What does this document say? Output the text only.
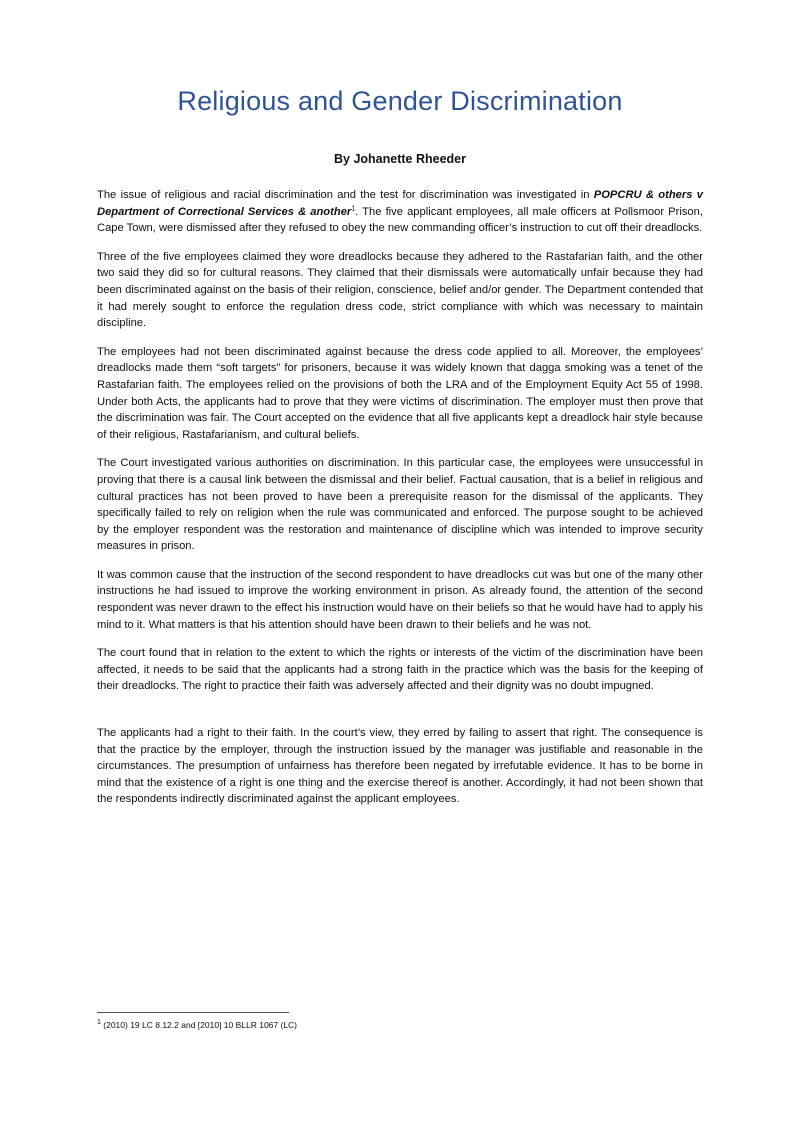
Religious and Gender Discrimination

By Johanette Rheeder

The issue of religious and racial discrimination and the test for discrimination was investigated in POPCRU & others v Department of Correctional Services & another$^1$. The five applicant employees, all male officers at Pollsmoor Prison, Cape Town, were dismissed after they refused to obey the new commanding officer’s instruction to cut off their dreadlocks.

Three of the five employees claimed they wore dreadlocks because they adhered to the Rastafarian faith, and the other two said they did so for cultural reasons. They claimed that their dismissals were automatically unfair because they had been discriminated against on the basis of their religion, conscience, belief and/or gender. The Department contended that it had merely sought to enforce the regulation dress code, strict compliance with which was necessary to maintain discipline.

The employees had not been discriminated against because the dress code applied to all. Moreover, the employees’ dreadlocks made them “soft targets” for prisoners, because it was widely known that dagga smoking was a tenet of the Rastafarian faith. The employees relied on the provisions of both the LRA and of the Employment Equity Act 55 of 1998. Under both Acts, the applicants had to prove that they were victims of discrimination. The employer must then prove that the discrimination was fair. The Court accepted on the evidence that all five applicants kept a dreadlock hair style because of their religious, Rastafarianism, and cultural beliefs.

The Court investigated various authorities on discrimination. In this particular case, the employees were unsuccessful in proving that there is a causal link between the dismissal and their belief. Factual causation, that is a belief in religious and cultural practices has not been proved to have been a prerequisite reason for the dismissal of the applicants. They specifically failed to rely on religion when the rule was communicated and enforced. The purpose sought to be achieved by the employer respondent was the restoration and maintenance of discipline which was intended to improve security measures in prison.

It was common cause that the instruction of the second respondent to have dreadlocks cut was but one of the many other instructions he had issued to improve the working environment in prison. As already found, the attention of the second respondent was never drawn to the effect his instruction would have on their beliefs so that he would have had to apply his mind to it. What matters is that his attention should have been drawn to their beliefs and he was not.

The court found that in relation to the extent to which the rights or interests of the victim of the discrimination have been affected, it needs to be said that the applicants had a strong faith in the practice which was the basis for the keeping of their dreadlocks. The right to practice their faith was adversely affected and their dignity was no doubt impugned.

The applicants had a right to their faith. In the court’s view, they erred by failing to assert that right. The consequence is that the practice by the employer, through the instruction issued by the manager was justifiable and reasonable in the circumstances. The presumption of unfairness has therefore been negated by irrefutable evidence. It has to be borne in mind that the existence of a right is one thing and the exercise thereof is another. Accordingly, it had not been shown that the respondents indirectly discriminated against the applicant employees.

$^1$ (2010) 19 LC 8.12.2 and [2010] 10 BLLR 1067 (LC)
